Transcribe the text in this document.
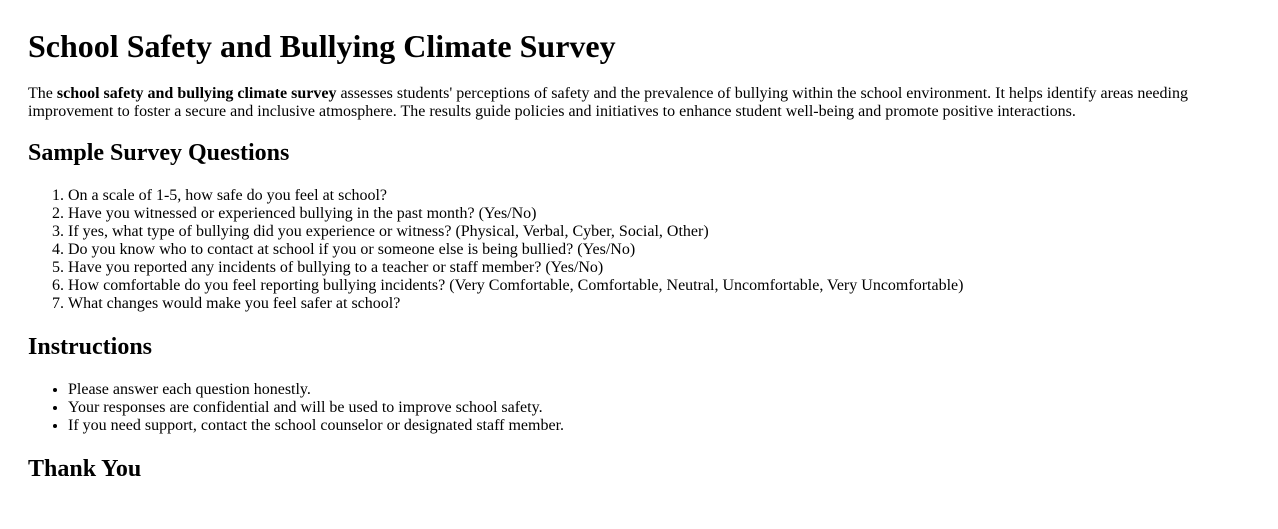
School Safety and Bullying Climate Survey

The school safety and bullying climate survey assesses students' perceptions of safety and the prevalence of bullying within the school environment. It helps identify areas needing improvement to foster a secure and inclusive atmosphere. The results guide policies and initiatives to enhance student well-being and promote positive interactions.

Sample Survey Questions
1. On a scale of 1-5, how safe do you feel at school?
2. Have you witnessed or experienced bullying in the past month? (Yes/No)
3. If yes, what type of bullying did you experience or witness? (Physical, Verbal, Cyber, Social, Other)
4. Do you know who to contact at school if you or someone else is being bullied? (Yes/No)
5. Have you reported any incidents of bullying to a teacher or staff member? (Yes/No)
6. How comfortable do you feel reporting bullying incidents? (Very Comfortable, Comfortable, Neutral, Uncomfortable, Very Uncomfortable)
7. What changes would make you feel safer at school?
Instructions
• Please answer each question honestly.
• Your responses are confidential and will be used to improve school safety.
• If you need support, contact the school counselor or designated staff member.
Thank You
